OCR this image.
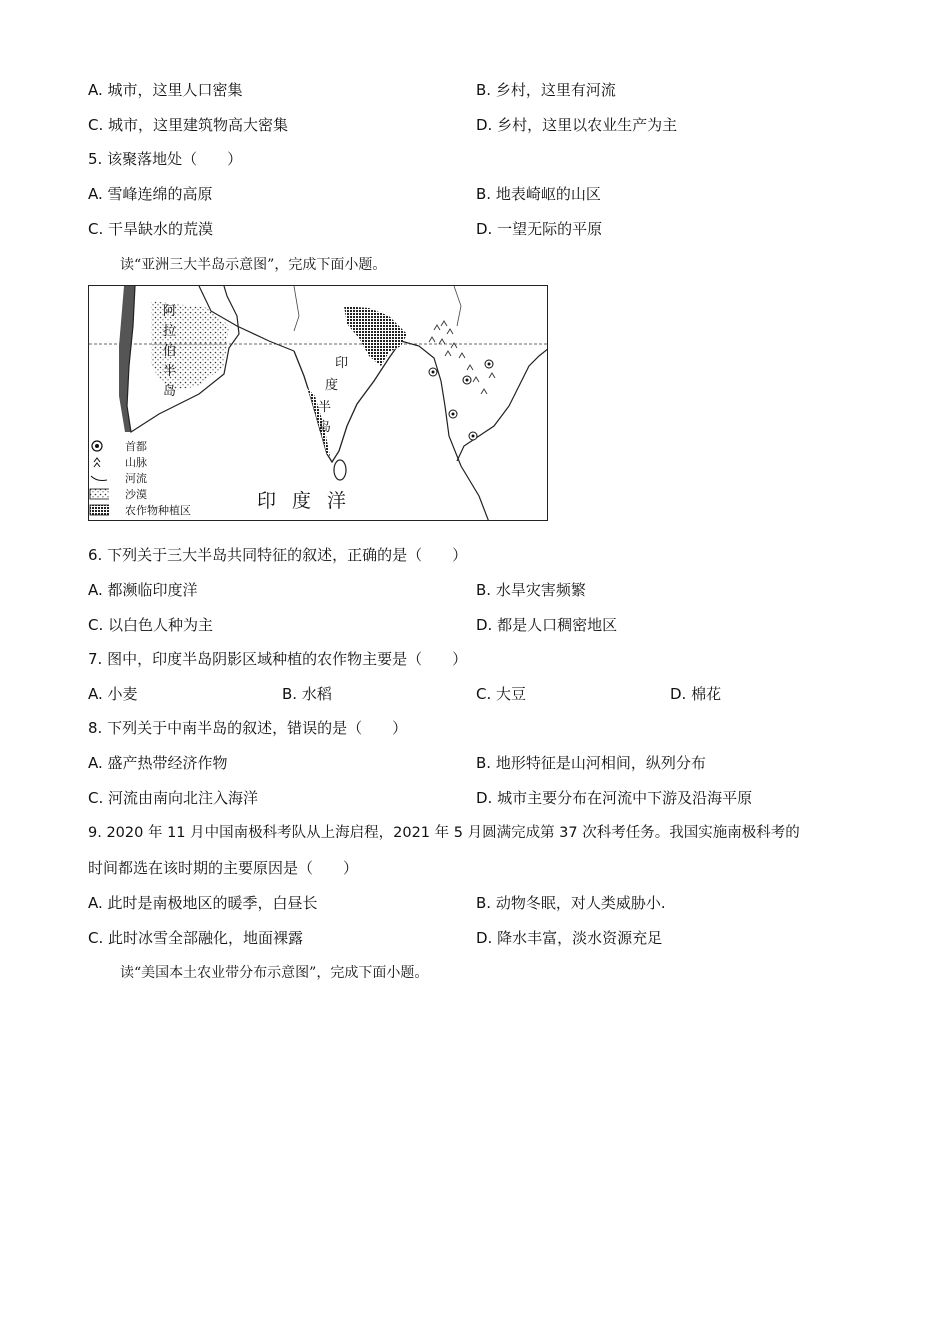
A. 城市，这里人口密集	B. 乡村，这里有河流
C. 城市，这里建筑物高大密集	D. 乡村，这里以农业生产为主
5. 该聚落地处（　　）
A. 雪峰连绵的高原	B. 地表崎岖的山区
C. 干旱缺水的荒漠	D. 一望无际的平原
读“亚洲三大半岛示意图”，完成下面小题。
阿
拉
伯
半
岛
印
度
半
岛
印度洋
首都
山脉
河流
沙漠
农作物种植区
6. 下列关于三大半岛共同特征的叙述，正确的是（　　）
A. 都濒临印度洋	B. 水旱灾害频繁
C. 以白色人种为主	D. 都是人口稠密地区
7. 图中，印度半岛阴影区域种植的农作物主要是（　　）
A. 小麦	B. 水稻	C. 大豆	D. 棉花
8. 下列关于中南半岛的叙述，错误的是（　　）
A. 盛产热带经济作物	B. 地形特征是山河相间，纵列分布
C. 河流由南向北注入海洋	D. 城市主要分布在河流中下游及沿海平原
9. 2020 年 11 月中国南极科考队从上海启程，2021 年 5 月圆满完成第 37 次科考任务。我国实施南极科考的
时间都选在该时期的主要原因是（　　）
A. 此时是南极地区的暖季，白昼长	B. 动物冬眠，对人类威胁小.
C. 此时冰雪全部融化，地面裸露	D. 降水丰富，淡水资源充足
读“美国本土农业带分布示意图”，完成下面小题。
